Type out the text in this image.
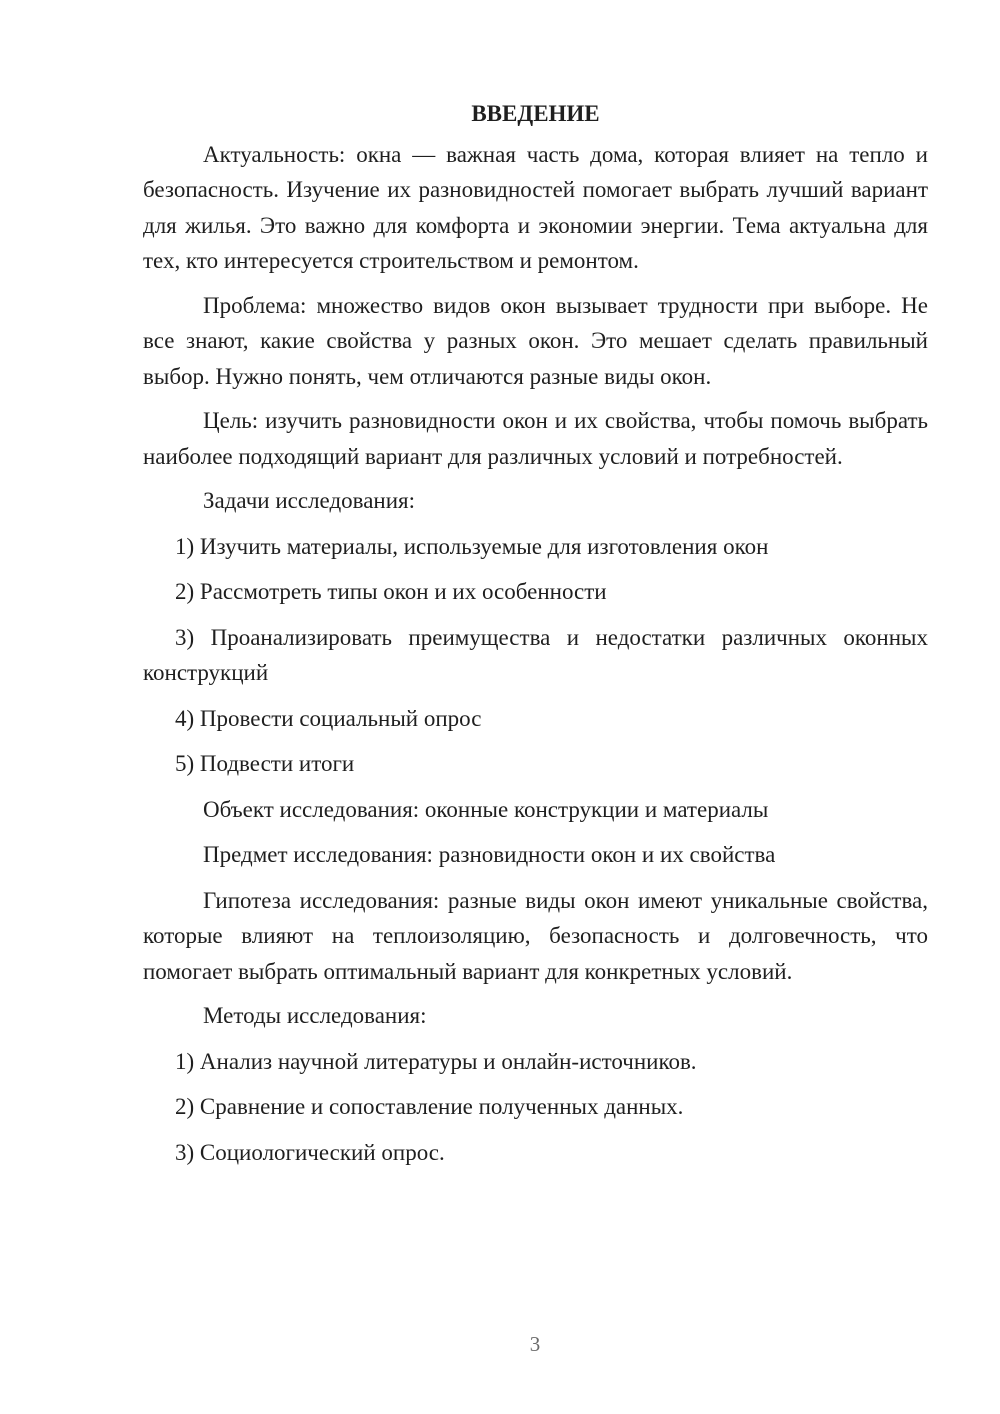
ВВЕДЕНИЕ

Актуальность: окна — важная часть дома, которая влияет на тепло и безопасность. Изучение их разновидностей помогает выбрать лучший вариант для жилья. Это важно для комфорта и экономии энергии. Тема актуальна для тех, кто интересуется строительством и ремонтом.

Проблема: множество видов окон вызывает трудности при выборе. Не все знают, какие свойства у разных окон. Это мешает сделать правильный выбор. Нужно понять, чем отличаются разные виды окон.

Цель: изучить разновидности окон и их свойства, чтобы помочь выбрать наиболее подходящий вариант для различных условий и потребностей.

Задачи исследования:

1) Изучить материалы, используемые для изготовления окон

2) Рассмотреть типы окон и их особенности

3) Проанализировать преимущества и недостатки различных оконных конструкций

4) Провести социальный опрос

5) Подвести итоги

Объект исследования: оконные конструкции и материалы

Предмет исследования: разновидности окон и их свойства

Гипотеза исследования: разные виды окон имеют уникальные свойства, которые влияют на теплоизоляцию, безопасность и долговечность, что помогает выбрать оптимальный вариант для конкретных условий.

Методы исследования:

1) Анализ научной литературы и онлайн-источников.

2) Сравнение и сопоставление полученных данных.

3) Социологический опрос.

3
